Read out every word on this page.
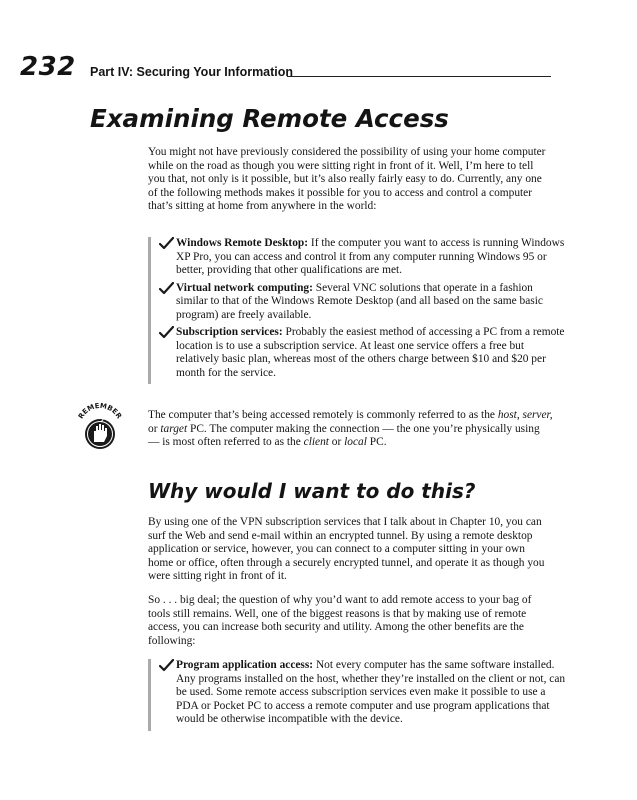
232 Part IV: Securing Your Information
Examining Remote Access

You might not have previously considered the possibility of using your home computer while on the road as though you were sitting right in front of it. Well, I’m here to tell you that, not only is it possible, but it’s also really fairly easy to do. Currently, any one of the following methods makes it possible for you to access and control a computer that’s sitting at home from anywhere in the world:

Windows Remote Desktop: If the computer you want to access is running Windows XP Pro, you can access and control it from any computer running Windows 95 or better, providing that other qualifications are met.
Virtual network computing: Several VNC solutions that operate in a fashion similar to that of the Windows Remote Desktop (and all based on the same basic program) are freely available.
Subscription services: Probably the easiest method of accessing a PC from a remote location is to use a subscription service. At least one service offers a free but relatively basic plan, whereas most of the others charge between $10 and $20 per month for the service.
REMEMBER The computer that’s being accessed remotely is commonly referred to as the host, server, or target PC. The computer making the connection — the one you’re physically using — is most often referred to as the client or local PC.

Why would I want to do this?

By using one of the VPN subscription services that I talk about in Chapter 10, you can surf the Web and send e-mail within an encrypted tunnel. By using a remote desktop application or service, however, you can connect to a computer sitting in your own home or office, often through a securely encrypted tunnel, and operate it as though you were sitting right in front of it.

So . . . big deal; the question of why you’d want to add remote access to your bag of tools still remains. Well, one of the biggest reasons is that by making use of remote access, you can increase both security and utility. Among the other benefits are the following:

Program application access: Not every computer has the same software installed. Any programs installed on the host, whether they’re installed on the client or not, can be used. Some remote access subscription services even make it possible to use a PDA or Pocket PC to access a remote computer and use program applications that would be otherwise incompatible with the device.
